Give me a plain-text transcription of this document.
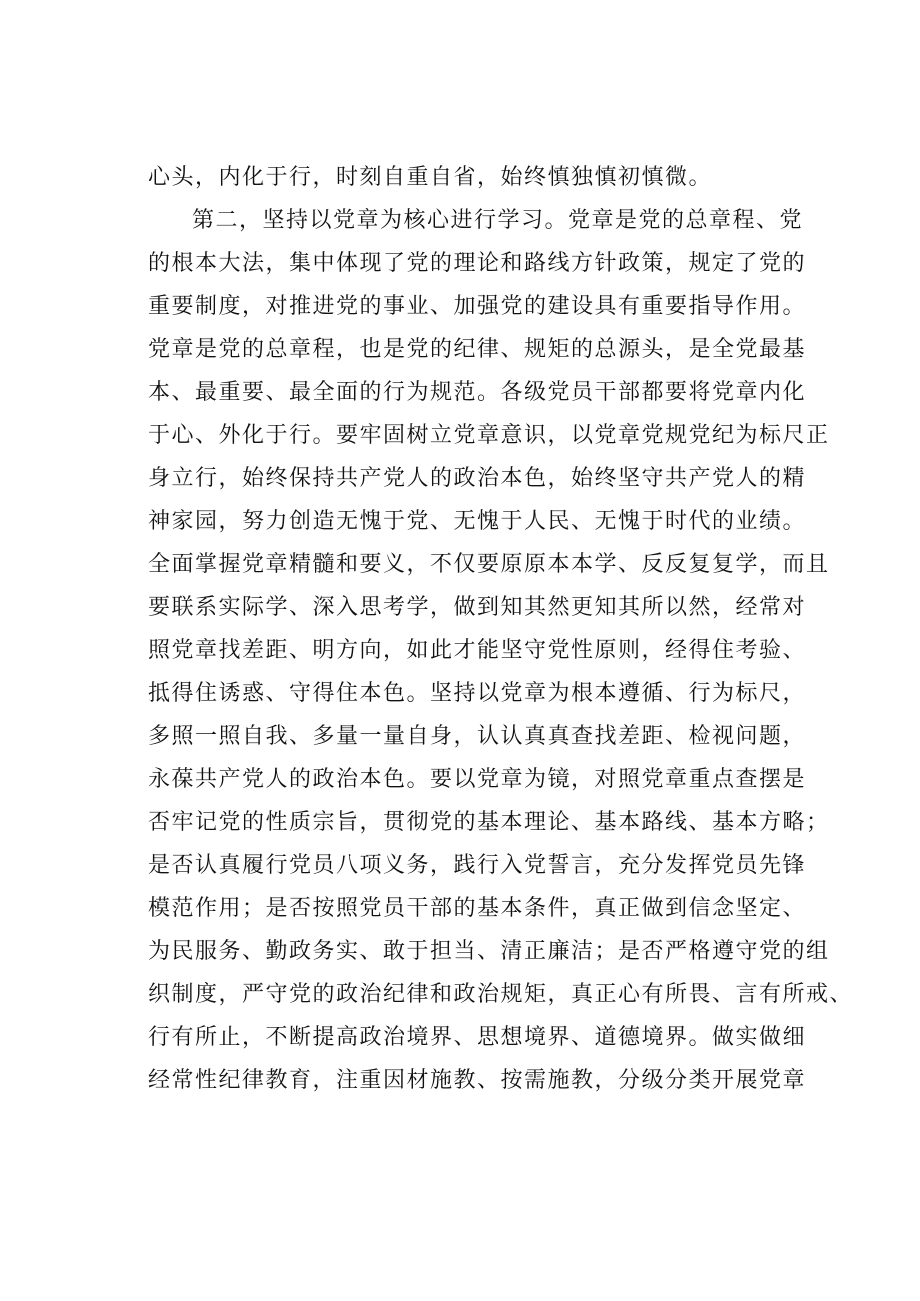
心头，内化于行，时刻自重自省，始终慎独慎初慎微。
第二，坚持以党章为核心进行学习。党章是党的总章程、党
的根本大法，集中体现了党的理论和路线方针政策，规定了党的
重要制度，对推进党的事业、加强党的建设具有重要指导作用。
党章是党的总章程，也是党的纪律、规矩的总源头，是全党最基
本、最重要、最全面的行为规范。各级党员干部都要将党章内化
于心、外化于行。要牢固树立党章意识，以党章党规党纪为标尺正
身立行，始终保持共产党人的政治本色，始终坚守共产党人的精
神家园，努力创造无愧于党、无愧于人民、无愧于时代的业绩。
全面掌握党章精髓和要义，不仅要原原本本学、反反复复学，而且
要联系实际学、深入思考学，做到知其然更知其所以然，经常对
照党章找差距、明方向，如此才能坚守党性原则，经得住考验、
抵得住诱惑、守得住本色。坚持以党章为根本遵循、行为标尺，
多照一照自我、多量一量自身，认认真真查找差距、检视问题，
永葆共产党人的政治本色。要以党章为镜，对照党章重点查摆是
否牢记党的性质宗旨，贯彻党的基本理论、基本路线、基本方略；
是否认真履行党员八项义务，践行入党誓言，充分发挥党员先锋
模范作用；是否按照党员干部的基本条件，真正做到信念坚定、
为民服务、勤政务实、敢于担当、清正廉洁；是否严格遵守党的组
织制度，严守党的政治纪律和政治规矩，真正心有所畏、言有所戒、
行有所止，不断提高政治境界、思想境界、道德境界。做实做细
经常性纪律教育，注重因材施教、按需施教，分级分类开展党章
